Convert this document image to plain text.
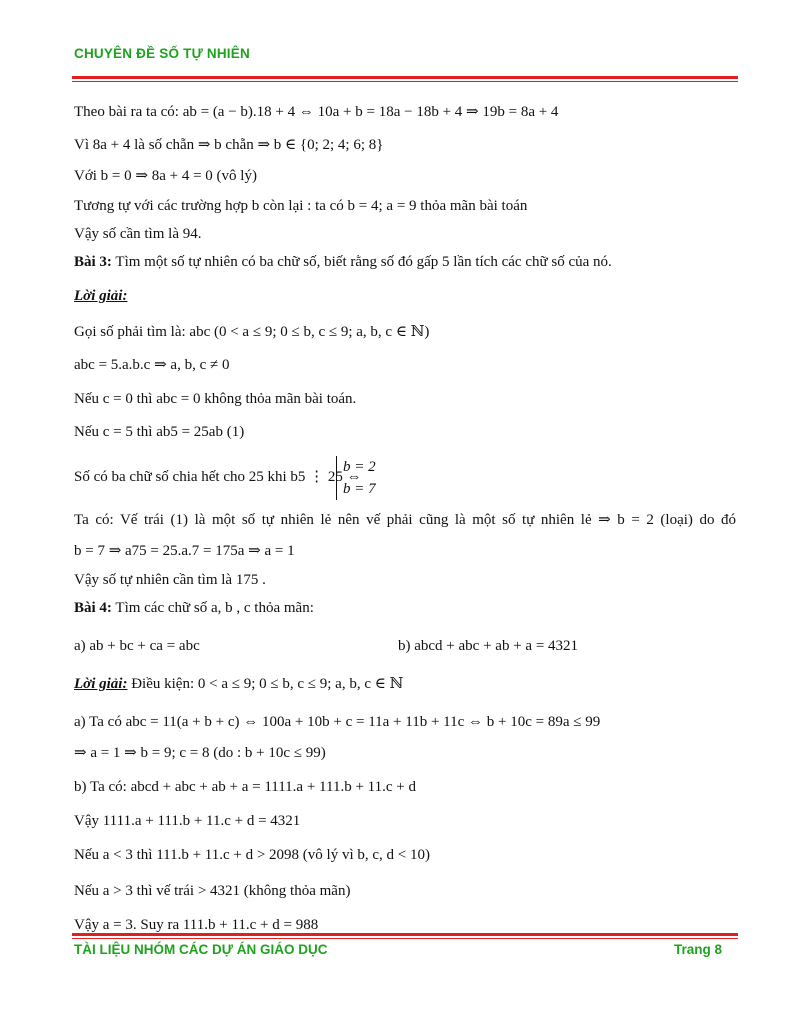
CHUYÊN ĐỀ SỐ TỰ NHIÊN
Theo bài ra ta có: ab = (a − b).18 + 4 ⇔ 10a + b = 18a − 18b + 4 ⇒ 19b = 8a + 4
Vì 8a + 4 là số chẵn ⇒ b chẵn ⇒ b ∈ {0; 2; 4; 6; 8}
Với b = 0 ⇒ 8a + 4 = 0 (vô lý)
Tương tự với các trường hợp b còn lại : ta có b = 4; a = 9 thỏa mãn bài toán
Vậy số cần tìm là 94.
Bài 3: Tìm một số tự nhiên có ba chữ số, biết rằng số đó gấp 5 lần tích các chữ số của nó.
Lời giải:
Gọi số phải tìm là: abc (0 < a ≤ 9; 0 ≤ b, c ≤ 9; a, b, c ∈ ℕ)
abc = 5.a.b.c ⇒ a, b, c ≠ 0
Nếu c = 0 thì abc = 0 không thỏa mãn bài toán.
Nếu c = 5 thì ab5 = 25ab (1)
Số có ba chữ số chia hết cho 25 khi b5 ⋮ 25 ⇔
b = 2
b = 7
Ta có: Vế trái (1) là một số tự nhiên lẻ nên vế phải cũng là một số tự nhiên lẻ ⇒ b = 2 (loại) do đó
b = 7 ⇒ a75 = 25.a.7 = 175a ⇒ a = 1
Vậy số tự nhiên cần tìm là 175 .
Bài 4: Tìm các chữ số a, b , c thỏa mãn:
a) ab + bc + ca = abc	b) abcd + abc + ab + a = 4321
Lời giải: Điều kiện: 0 < a ≤ 9; 0 ≤ b, c ≤ 9; a, b, c ∈ ℕ
a) Ta có abc = 11(a + b + c) ⇔ 100a + 10b + c = 11a + 11b + 11c ⇔ b + 10c = 89a ≤ 99
⇒ a = 1 ⇒ b = 9; c = 8 (do : b + 10c ≤ 99)
b) Ta có: abcd + abc + ab + a = 1111.a + 111.b + 11.c + d
Vậy 1111.a + 111.b + 11.c + d = 4321
Nếu a < 3 thì 111.b + 11.c + d > 2098 (vô lý vì b, c, d < 10)
Nếu a > 3 thì vế trái > 4321 (không thỏa mãn)
Vậy a = 3. Suy ra 111.b + 11.c + d = 988
TÀI LIỆU NHÓM CÁC DỰ ÁN GIÁO DỤC	Trang 8
